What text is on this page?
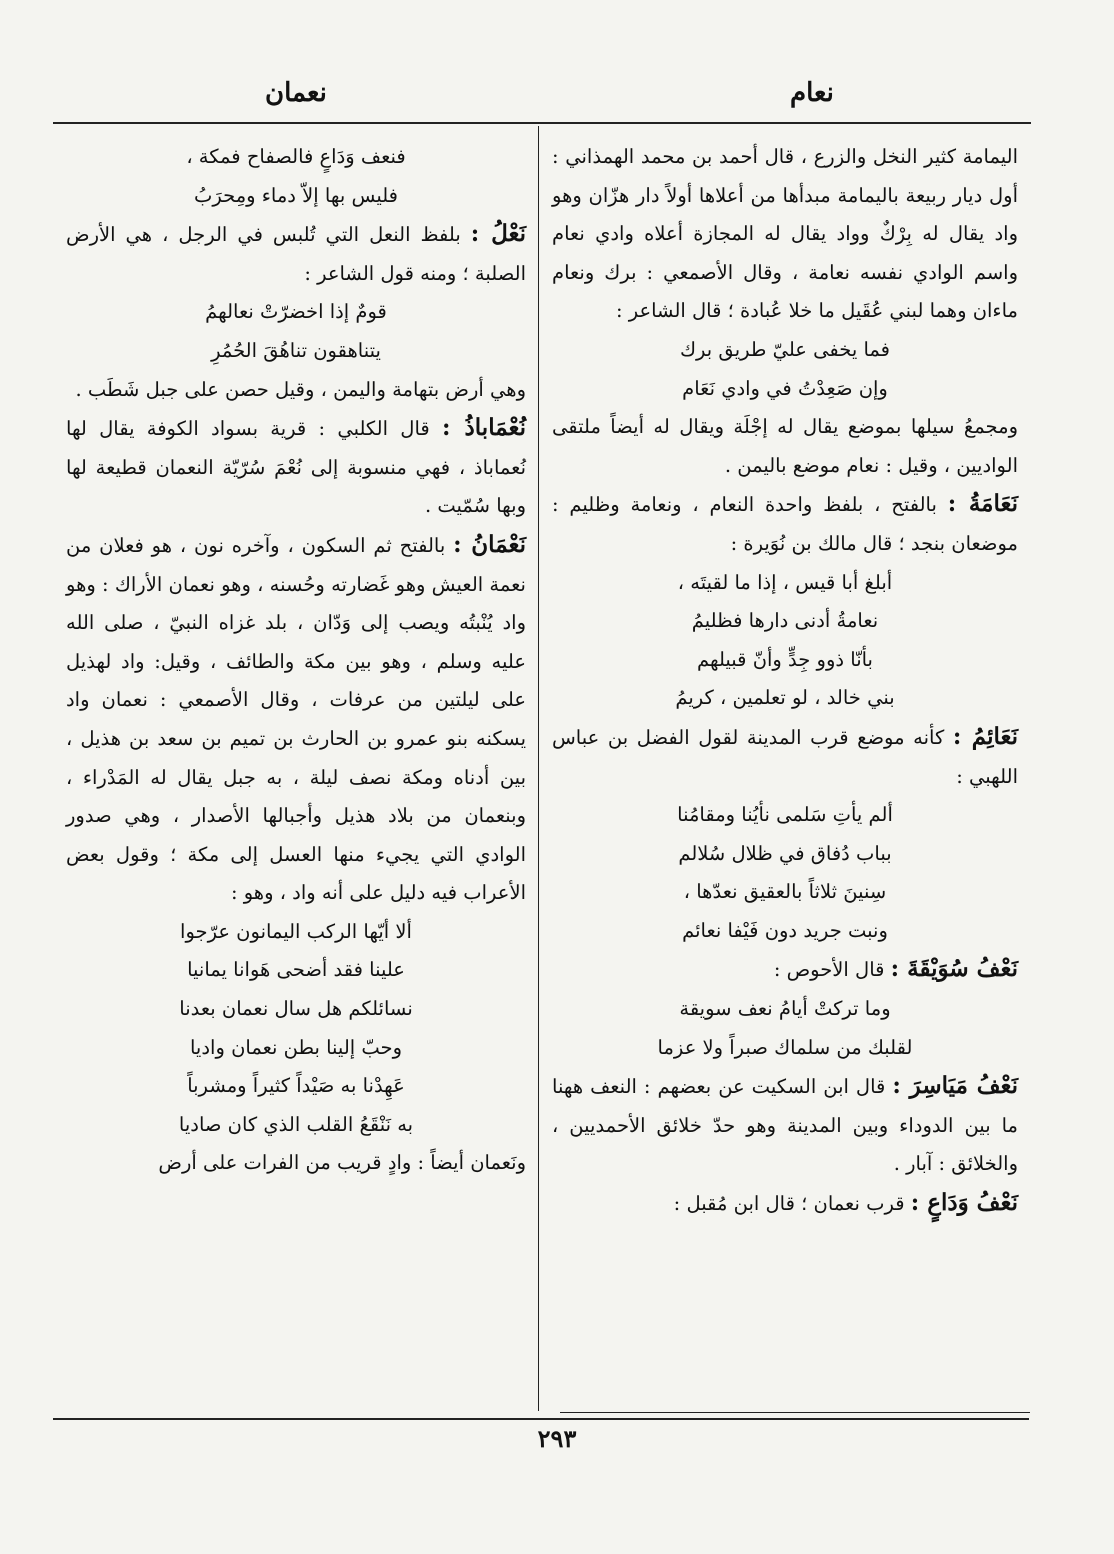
نعام
نعمان

اليمامة كثير النخل والزرع ، قال أحمد بن محمد الهمذاني : أول ديار ربيعة باليمامة مبدأها من أعلاها أولاً دار هزّان وهو واد يقال له بِرْكٌ وواد يقال له المجازة أعلاه وادي نعام واسم الوادي نفسه نعامة ، وقال الأصمعي : برك ونعام ماءان وهما لبني عُقَيل ما خلا عُبادة ؛ قال الشاعر :

فما يخفى عليّ طريق برك

وإن صَعِدْتُ في وادي نَعَام

ومجمعُ سيلها بموضع يقال له إجْلَة ويقال له أيضاً ملتقى الواديين ، وقيل : نعام موضع باليمن .

نَعَامَةُ : بالفتح ، بلفظ واحدة النعام ، ونعامة وظليم : موضعان بنجد ؛ قال مالك بن نُوَيرة :

أبلغ أبا قيس ، إذا ما لقيتَه ،

نعامةُ أدنى دارها فظليمُ

بأنّا ذوو جِدٍّ وأنّ قبيلهم

بني خالد ، لو تعلمين ، كريمُ

نَعَائِمُ : كأنه موضع قرب المدينة لقول الفضل بن عباس اللهبي :

ألم يأتِ سَلمى نأيُنا ومقامُنا

بباب دُفاق في ظلال سُلالم

سِنينَ ثلاثاً بالعقيق نعدّها ،

ونبت جريد دون فَيْفا نعائم

نَعْفُ سُوَيْقَةَ : قال الأحوص :

وما تركتْ أيامُ نعف سويقة

لقلبك من سلماك صبراً ولا عزما

نَعْفُ مَيَاسِرَ : قال ابن السكيت عن بعضهم : النعف ههنا ما بين الدوداء وبين المدينة وهو حدّ خلائق الأحمديين ، والخلائق : آبار .

نَعْفُ وَدَاعٍ : قرب نعمان ؛ قال ابن مُقبل :

فنعف وَدَاعٍ فالصفاح فمكة ،

فليس بها إلاّ دماء ومِحرَبُ

نَعْلُ : بلفظ النعل التي تُلبس في الرجل ، هي الأرض الصلبة ؛ ومنه قول الشاعر :

قومٌ إذا اخضرّتْ نعالهمُ

يتناهقون تناهُقَ الحُمُرِ

وهي أرض بتهامة واليمن ، وقيل حصن على جبل شَطَب .

نُعْمَاباذُ : قال الكلبي : قرية بسواد الكوفة يقال لها نُعماباذ ، فهي منسوبة إلى نُعْمَ سُرّيّة النعمان قطيعة لها وبها سُمّيت .

نَعْمَانُ : بالفتح ثم السكون ، وآخره نون ، هو فعلان من نعمة العيش وهو غَضارته وحُسنه ، وهو نعمان الأراك : وهو واد يُنْبتُه ويصب إلى وَدّان ، بلد غزاه النبيّ ، صلى الله عليه وسلم ، وهو بين مكة والطائف ، وقيل: واد لهذيل على ليلتين من عرفات ، وقال الأصمعي : نعمان واد يسكنه بنو عمرو بن الحارث بن تميم بن سعد بن هذيل ، بين أدناه ومكة نصف ليلة ، به جبل يقال له المَدْراء ، وبنعمان من بلاد هذيل وأجبالها الأصدار ، وهي صدور الوادي التي يجيء منها العسل إلى مكة ؛ وقول بعض الأعراب فيه دليل على أنه واد ، وهو :

ألا أيّها الركب اليمانون عرّجوا

علينا فقد أضحى هَوانا يمانيا

نسائلكم هل سال نعمان بعدنا

وحبّ إلينا بطن نعمان واديا

عَهِدْنا به صَيْداً كثيراً ومشرباً

به نَنْقَعُ القلب الذي كان صاديا

ونَعمان أيضاً : وادٍ قريب من الفرات على أرض

٢٩٣
